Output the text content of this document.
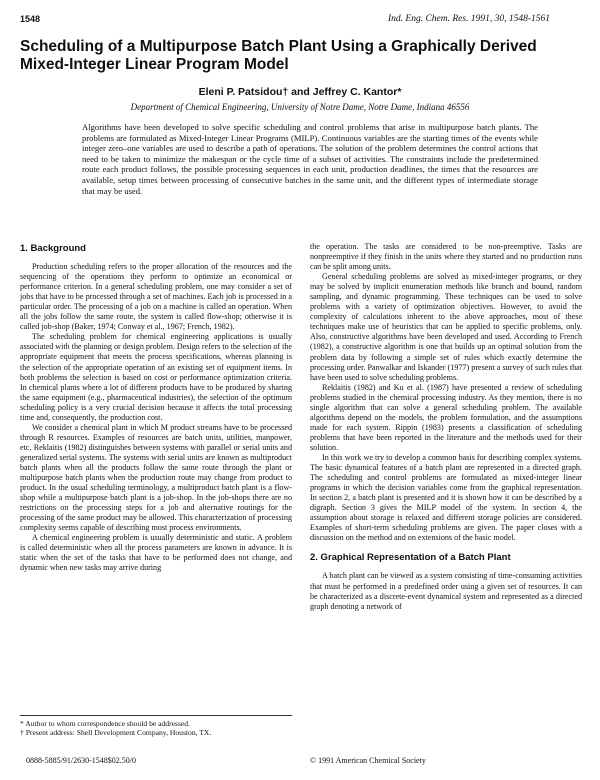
1548	Ind. Eng. Chem. Res. 1991, 30, 1548-1561
Scheduling of a Multipurpose Batch Plant Using a Graphically Derived Mixed-Integer Linear Program Model
Eleni P. Patsidou† and Jeffrey C. Kantor*
Department of Chemical Engineering, University of Notre Dame, Notre Dame, Indiana 46556

Algorithms have been developed to solve specific scheduling and control problems that arise in multipurpose batch plants. The problems are formulated as Mixed-Integer Linear Programs (MILP). Continuous variables are the starting times of the events while integer zero–one variables are used to describe a path of operations. The solution of the problem determines the control actions that need to be taken to minimize the makespan or the cycle time of a subset of activities. The constraints include the predetermined route each product follows, the possible processing sequences in each unit, production deadlines, the times that the resources are available, setup times between processing of consecutive batches in the same unit, and the different types of intermediate storage that may be used.

1. Background

Production scheduling refers to the proper allocation of the resources and the sequencing of the operations they perform to optimize an economical or performance criterion. In a general scheduling problem, one may consider a set of jobs that have to be processed through a set of machines. Each job is processed in a particular order. The processing of a job on a machine is called an operation. When all the jobs follow the same route, the system is called flow-shop; otherwise it is called job-shop (Baker, 1974; Conway et al., 1967; French, 1982).

The scheduling problem for chemical engineering applications is usually associated with the planning or design problem. Design refers to the selection of the appropriate equipment that meets the process specifications, whereas planning is the selection of the appropriate operation of an existing set of equipment items. In both problems the selection is based on cost or performance optimization criteria. In chemical plants where a lot of different products have to be produced by sharing the same equipment (e.g., pharmaceutical industries), the selection of the optimum scheduling policy is a very crucial decision because it affects the total processing time and, consequently, the production cost.

We consider a chemical plant in which M product streams have to be processed through R resources. Examples of resources are batch units, utilities, manpower, etc. Reklaitis (1982) distinguishes between systems with parallel or serial units and generalized serial systems. The systems with serial units are known as multiproduct batch plants when all the products follow the same route through the plant or multipurpose batch plants when the production route may change from product to product. In the usual scheduling terminology, a multiproduct batch plant is a flow-shop while a multipurpose batch plant is a job-shop. In the job-shops there are no restrictions on the processing steps for a job and alternative routings for the processing of the same product may be allowed. This characterization of processing complexity seems capable of describing most process environments.

A chemical engineering problem is usually deterministic and static. A problem is called deterministic when all the process parameters are known in advance. It is static when the set of the tasks that have to be performed does not change, and dynamic when new tasks may arrive during

the operation. The tasks are considered to be non-preemptive. Tasks are nonpreemptive if they finish in the units where they started and no production runs can be split among units.

General scheduling problems are solved as mixed-integer programs, or they may be solved by implicit enumeration methods like branch and bound, random sampling, and dynamic programming. These techniques can be used to solve problems with a variety of optimization objectives. However, to avoid the complexity of calculations inherent to the above approaches, most of these techniques make use of heuristics that can be applied to specific problems, only. Also, constructive algorithms have been developed and used. According to French (1982), a constructive algorithm is one that builds up an optimal solution from the problem data by following a simple set of rules which exactly determine the processing order. Panwalkar and Iskander (1977) present a survey of such rules that have been used to solve scheduling problems.

Reklaitis (1982) and Ku et al. (1987) have presented a review of scheduling problems studied in the chemical processing industry. As they mention, there is no single algorithm that can solve a general scheduling problem. The available algorithms depend on the models, the problem formulation, and the assumptions made for each system. Rippin (1983) presents a classification of scheduling problems that have been reported in the literature and the methods used for their solution.

In this work we try to develop a common basis for describing complex systems. The basic dynamical features of a batch plant are represented in a directed graph. The scheduling and control problems are formulated as mixed-integer linear programs in which the decision variables come from the graphical representation. In section 2, a batch plant is presented and it is shown how it can be described by a digraph. Section 3 gives the MILP model of the system. In section 4, the assumption about storage is relaxed and different storage policies are considered. Examples of short-term scheduling problems are given. The paper closes with a discussion on the method and on extensions of the basic model.

2. Graphical Representation of a Batch Plant

A batch plant can be viewed as a system consisting of time-consuming activities that must be performed in a predefined order using a given set of resources. It can be characterized as a discrete-event dynamical system and represented as a directed graph denoting a network of

* Author to whom correspondence should be addressed.
† Present address: Shell Development Company, Houston, TX.
0888-5885/91/2630-1548$02.50/0	© 1991 American Chemical Society
